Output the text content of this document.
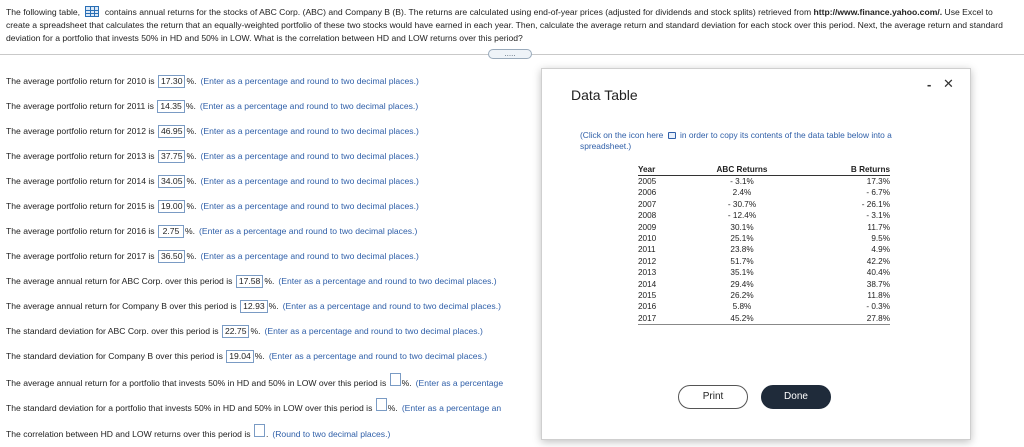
The following table,	contains annual returns for the stocks of ABC Corp. (ABC) and Company B (B). The returns are calculated using end-of-year prices (adjusted for dividends and stock splits) retrieved from http://www.finance.yahoo.com/. Use Excel to create a spreadsheet that calculates the return that an equally-weighted portfolio of these two stocks would have earned in each year. Then, calculate the average return and standard deviation for each stock over this period. Next, the average return and standard deviation for a portfolio that invests 50% in HD and 50% in LOW. What is the correlation between HD and LOW returns over this period?
.....
The average portfolio return for 2010 is 17.30 %. (Enter as a percentage and round to two decimal places.)
The average portfolio return for 2011 is 14.35 %. (Enter as a percentage and round to two decimal places.)
The average portfolio return for 2012 is 46.95 %. (Enter as a percentage and round to two decimal places.)
The average portfolio return for 2013 is 37.75 %. (Enter as a percentage and round to two decimal places.)
The average portfolio return for 2014 is 34.05 %. (Enter as a percentage and round to two decimal places.)
The average portfolio return for 2015 is 19.00 %. (Enter as a percentage and round to two decimal places.)
The average portfolio return for 2016 is 2.75 %. (Enter as a percentage and round to two decimal places.)
The average portfolio return for 2017 is 36.50 %. (Enter as a percentage and round to two decimal places.)
The average annual return for ABC Corp. over this period is 17.58 %. (Enter as a percentage and round to two decimal places.)
The average annual return for Company B over this period is 12.93 %. (Enter as a percentage and round to two decimal places.)
The standard deviation for ABC Corp. over this period is 22.75 %. (Enter as a percentage and round to two decimal places.)
The standard deviation for Company B over this period is 19.04 %. (Enter as a percentage and round to two decimal places.)
The average annual return for a portfolio that invests 50% in HD and 50% in LOW over this period is %. (Enter as a percentage
The standard deviation for a portfolio that invests 50% in HD and 50% in LOW over this period is %. (Enter as a percentage an
The correlation between HD and LOW returns over this period is . (Round to two decimal places.)
Data Table
- ✕
(Click on the icon here in order to copy its contents of the data table below into a spreadsheet.)
Year	ABC Returns	B Returns
2005	- 3.1%	17.3%
2006	2.4%	- 6.7%
2007	- 30.7%	- 26.1%
2008	- 12.4%	- 3.1%
2009	30.1%	11.7%
2010	25.1%	9.5%
2011	23.8%	4.9%
2012	51.7%	42.2%
2013	35.1%	40.4%
2014	29.4%	38.7%
2015	26.2%	11.8%
2016	5.8%	- 0.3%
2017	45.2%	27.8%
Print	Done
